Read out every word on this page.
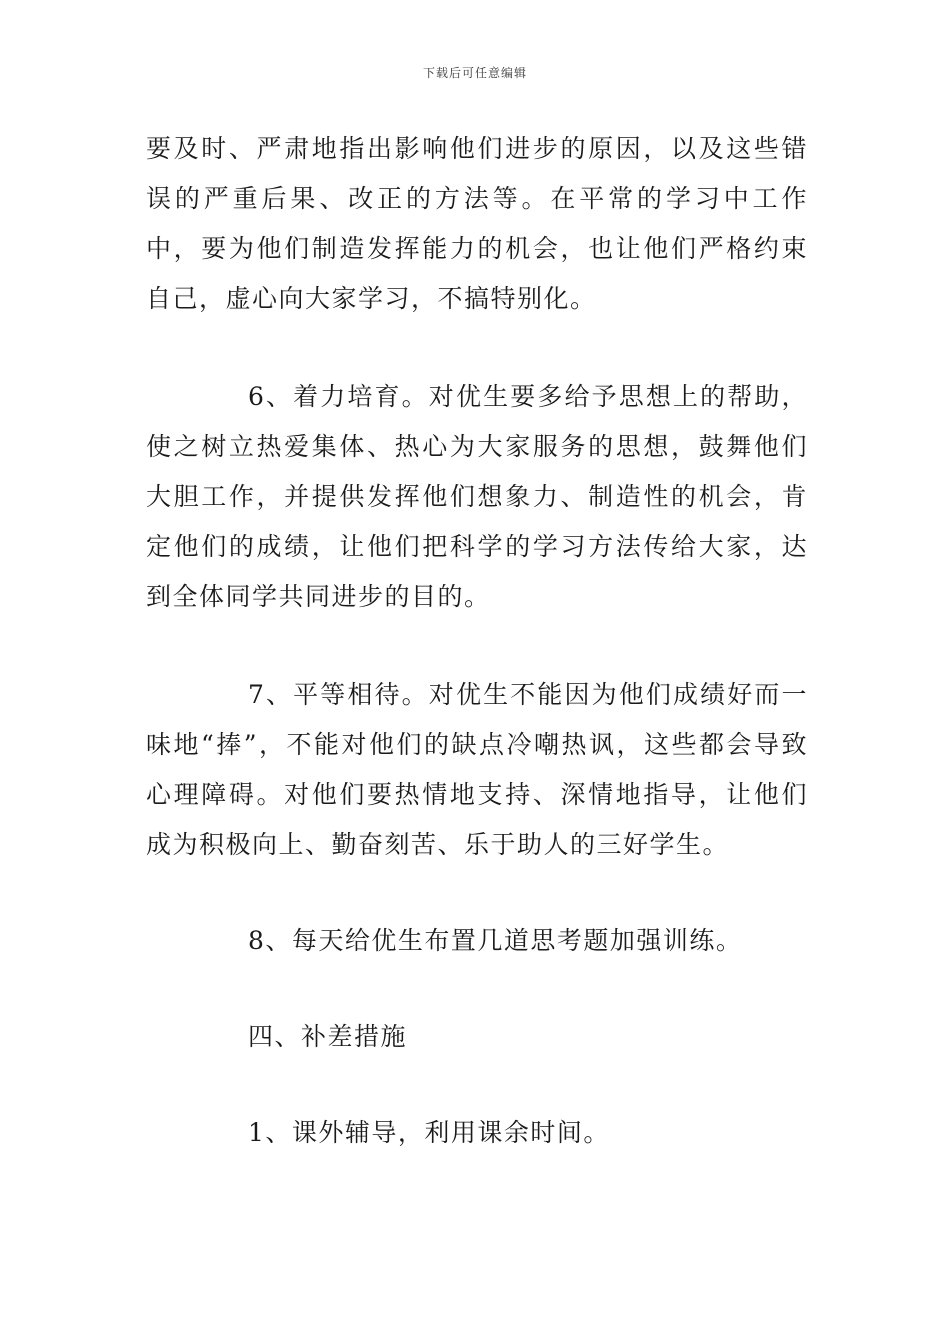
下载后可任意编辑

要及时、严肃地指出影响他们进步的原因，以及这些错误的严重后果、改正的方法等。在平常的学习中工作中，要为他们制造发挥能力的机会，也让他们严格约束自己，虚心向大家学习，不搞特别化。

6、着力培育。对优生要多给予思想上的帮助，使之树立热爱集体、热心为大家服务的思想，鼓舞他们大胆工作，并提供发挥他们想象力、制造性的机会，肯定他们的成绩，让他们把科学的学习方法传给大家，达到全体同学共同进步的目的。

7、平等相待。对优生不能因为他们成绩好而一味地“捧”，不能对他们的缺点冷嘲热讽，这些都会导致心理障碍。对他们要热情地支持、深情地指导，让他们成为积极向上、勤奋刻苦、乐于助人的三好学生。

8、每天给优生布置几道思考题加强训练。

四、补差措施

1、课外辅导，利用课余时间。
